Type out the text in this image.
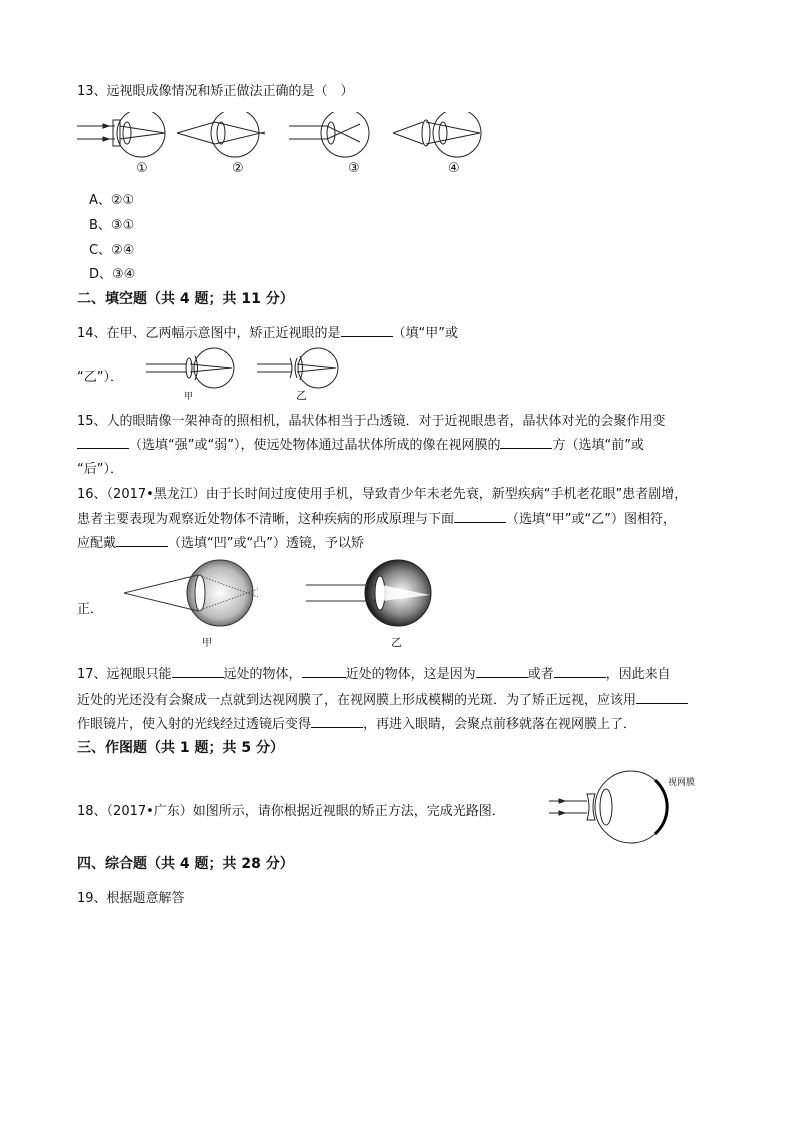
13、远视眼成像情况和矫正做法正确的是（　）
①	②	③	④
A、②①
B、③①
C、②④
D、③④
二、填空题（共 4 题；共 11 分）
14、在甲、乙两幅示意图中，矫正近视眼的是	（填“甲”或
“乙”）．
甲	乙
15、人的眼睛像一架神奇的照相机，晶状体相当于凸透镜．对于近视眼患者，晶状体对光的会聚作用变
（选填“强”或“弱”），使远处物体通过晶状体所成的像在视网膜的	方（选填“前”或
“后”）．
16、（2017•黑龙江）由于长时间过度使用手机，导致青少年未老先衰，新型疾病“手机老花眼”患者剧增，
患者主要表现为观察近处物体不清晰，这种疾病的形成原理与下面	（选填“甲”或“乙”）图相符，
应配戴	（选填“凹”或“凸”）透镜，予以矫
正．
甲	乙
17、远视眼只能	远处的物体，	近处的物体，这是因为	或者	，因此来自
近处的光还没有会聚成一点就到达视网膜了，在视网膜上形成模糊的光斑．为了矫正远视，应该用
作眼镜片，使入射的光线经过透镜后变得	，再进入眼睛，会聚点前移就落在视网膜上了．
三、作图题（共 1 题；共 5 分）
18、（2017•广东）如图所示，请你根据近视眼的矫正方法，完成光路图．
视网膜
四、综合题（共 4 题；共 28 分）
19、根据题意解答
